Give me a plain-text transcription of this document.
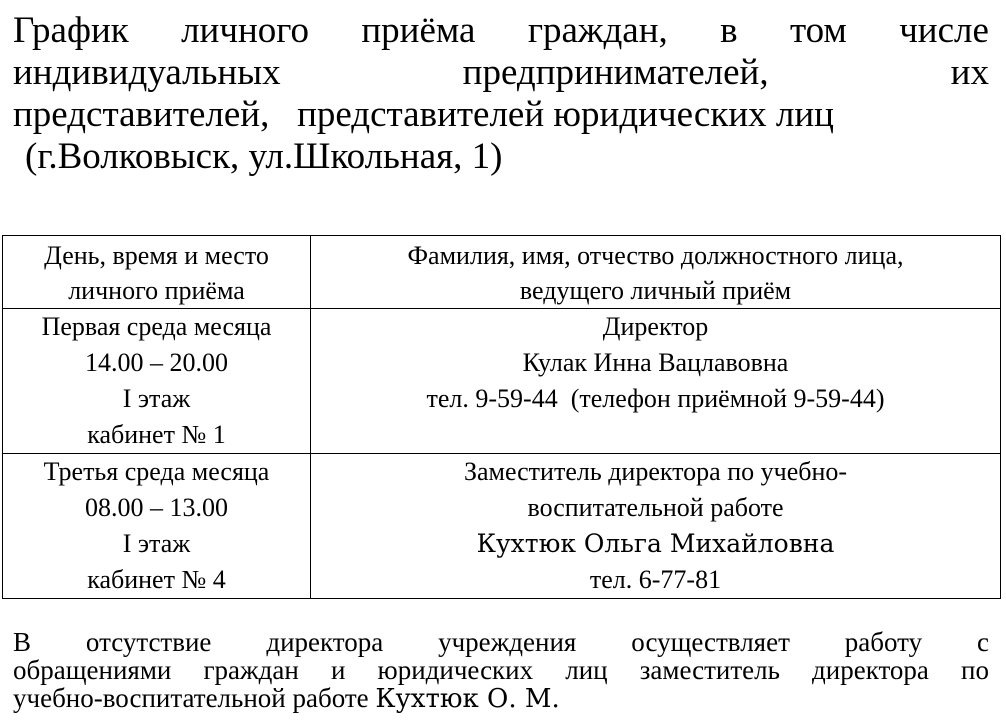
График личного приёма граждан, в том числе
индивидуальных	предпринимателей,	их
представителей,   представителей юридических лиц
(г.Волковыск, ул.Школьная, 1)
День, время и место
личного приёма	Фамилия, имя, отчество должностного лица,
ведущего личный приём

Первая среда месяца
14.00 – 20.00
I этаж
кабинет № 1	Директор
Кулак Инна Вацлавовна
тел. 9-59-44  (телефон приёмной 9-59-44)

Третья среда месяца
08.00 – 13.00
I этаж
кабинет № 4	Заместитель директора по учебно-
воспитательной работе
Кухтюк Ольга Михайловна
тел. 6-77-81
В отсутствие директора учреждения осуществляет работу с
обращениями граждан и юридических лиц заместитель директора по
учебно-воспитательной работе Кухтюк О. М.
